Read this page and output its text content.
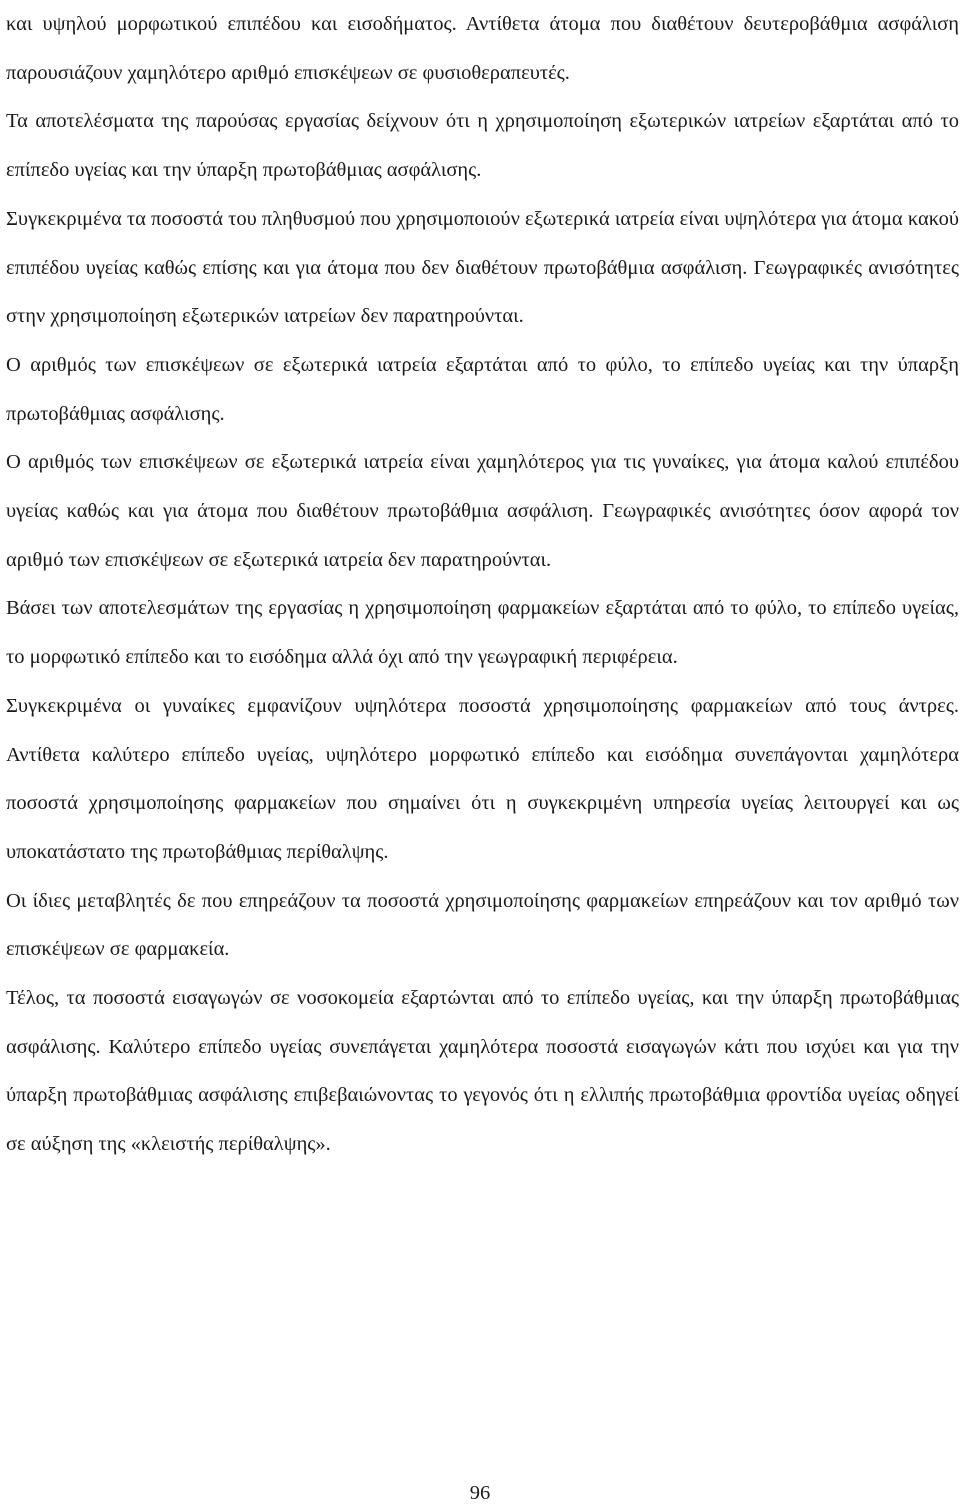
και υψηλού μορφωτικού επιπέδου και εισοδήματος. Αντίθετα άτομα που διαθέτουν δευτεροβάθμια ασφάλιση παρουσιάζουν χαμηλότερο αριθμό επισκέψεων σε φυσιοθεραπευτές.

Τα αποτελέσματα της παρούσας εργασίας δείχνουν ότι η χρησιμοποίηση εξωτερικών ιατρείων εξαρτάται από το επίπεδο υγείας και την ύπαρξη πρωτοβάθμιας ασφάλισης.

Συγκεκριμένα τα ποσοστά του πληθυσμού που χρησιμοποιούν εξωτερικά ιατρεία είναι υψηλότερα για άτομα κακού επιπέδου υγείας καθώς επίσης και για άτομα που δεν διαθέτουν πρωτοβάθμια ασφάλιση. Γεωγραφικές ανισότητες στην χρησιμοποίηση εξωτερικών ιατρείων δεν παρατηρούνται.

Ο αριθμός των επισκέψεων σε εξωτερικά ιατρεία εξαρτάται από το φύλο, το επίπεδο υγείας και την ύπαρξη πρωτοβάθμιας ασφάλισης.

Ο αριθμός των επισκέψεων σε εξωτερικά ιατρεία είναι χαμηλότερος για τις γυναίκες, για άτομα καλού επιπέδου υγείας καθώς και για άτομα που διαθέτουν πρωτοβάθμια ασφάλιση. Γεωγραφικές ανισότητες όσον αφορά τον αριθμό των επισκέψεων σε εξωτερικά ιατρεία δεν παρατηρούνται.

Βάσει των αποτελεσμάτων της εργασίας η χρησιμοποίηση φαρμακείων εξαρτάται από το φύλο, το επίπεδο υγείας, το μορφωτικό επίπεδο και το εισόδημα αλλά όχι από την γεωγραφική περιφέρεια.

Συγκεκριμένα οι γυναίκες εμφανίζουν υψηλότερα ποσοστά χρησιμοποίησης φαρμακείων από τους άντρες. Αντίθετα καλύτερο επίπεδο υγείας, υψηλότερο μορφωτικό επίπεδο και εισόδημα συνεπάγονται χαμηλότερα ποσοστά χρησιμοποίησης φαρμακείων που σημαίνει ότι η συγκεκριμένη υπηρεσία υγείας λειτουργεί και ως υποκατάστατο της πρωτοβάθμιας περίθαλψης.

Οι ίδιες μεταβλητές δε που επηρεάζουν τα ποσοστά χρησιμοποίησης φαρμακείων επηρεάζουν και τον αριθμό των επισκέψεων σε φαρμακεία.

Τέλος, τα ποσοστά εισαγωγών σε νοσοκομεία εξαρτώνται από το επίπεδο υγείας, και την ύπαρξη πρωτοβάθμιας ασφάλισης. Καλύτερο επίπεδο υγείας συνεπάγεται χαμηλότερα ποσοστά εισαγωγών κάτι που ισχύει και για την ύπαρξη πρωτοβάθμιας ασφάλισης επιβεβαιώνοντας το γεγονός ότι η ελλιπής πρωτοβάθμια φροντίδα υγείας οδηγεί σε αύξηση της «κλειστής περίθαλψης».

96
